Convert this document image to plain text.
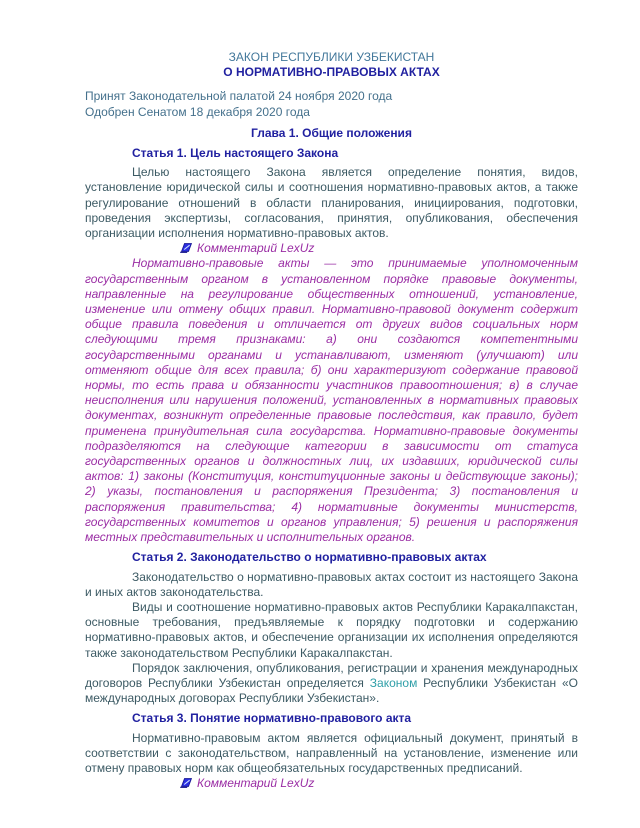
ЗАКОН РЕСПУБЛИКИ УЗБЕКИСТАН
О НОРМАТИВНО-ПРАВОВЫХ АКТАХ
Принят Законодательной палатой 24 ноября 2020 года
Одобрен Сенатом 18 декабря 2020 года
Глава 1. Общие положения
Статья 1. Цель настоящего Закона

Целью настоящего Закона является определение понятия, видов, установление юридической силы и соотношения нормативно-правовых актов, а также регулирование отношений в области планирования, инициирования, подготовки, проведения экспертизы, согласования, принятия, опубликования, обеспечения организации исполнения нормативно-правовых актов.

Комментарий LexUz

Нормативно-правовые акты — это принимаемые уполномоченным государственным органом в установленном порядке правовые документы, направленные на регулирование общественных отношений, установление, изменение или отмену общих правил. Нормативно-правовой документ содержит общие правила поведения и отличается от других видов социальных норм следующими тремя признаками: а) они создаются компетентными государственными органами и устанавливают, изменяют (улучшают) или отменяют общие для всех правила; б) они характеризуют содержание правовой нормы, то есть права и обязанности участников правоотношения; в) в случае неисполнения или нарушения положений, установленных в нормативных правовых документах, возникнут определенные правовые последствия, как правило, будет применена принудительная сила государства. Нормативно-правовые документы подразделяются на следующие категории в зависимости от статуса государственных органов и должностных лиц, их издавших, юридической силы актов: 1) законы (Конституция, конституционные законы и действующие законы); 2) указы, постановления и распоряжения Президента; 3) постановления и распоряжения правительства; 4) нормативные документы министерств, государственных комитетов и органов управления; 5) решения и распоряжения местных представительных и исполнительных органов.

Статья 2. Законодательство о нормативно-правовых актах

Законодательство о нормативно-правовых актах состоит из настоящего Закона и иных актов законодательства.

Виды и соотношение нормативно-правовых актов Республики Каракалпакстан, основные требования, предъявляемые к порядку подготовки и содержанию нормативно-правовых актов, и обеспечение организации их исполнения определяются также законодательством Республики Каракалпакстан.

Порядок заключения, опубликования, регистрации и хранения международных договоров Республики Узбекистан определяется Законом Республики Узбекистан «О международных договорах Республики Узбекистан».

Статья 3. Понятие нормативно-правового акта

Нормативно-правовым актом является официальный документ, принятый в соответствии с законодательством, направленный на установление, изменение или отмену правовых норм как общеобязательных государственных предписаний.

Комментарий LexUz
